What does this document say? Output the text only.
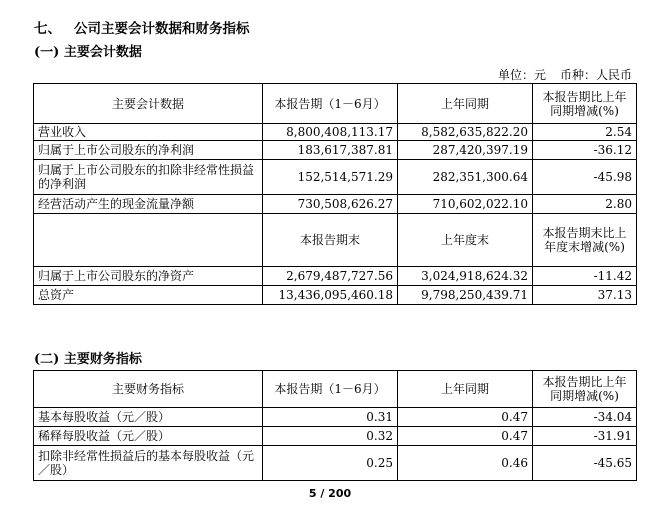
七、 公司主要会计数据和财务指标
(一) 主要会计数据
单位：元 币种：人民币
主要会计数据	本报告期（1－6月）	上年同期	本报告期比上年同期增减(%)
营业收入	8,800,408,113.17	8,582,635,822.20	2.54
归属于上市公司股东的净利润	183,617,387.81	287,420,397.19	-36.12
归属于上市公司股东的扣除非经常性损益的净利润	152,514,571.29	282,351,300.64	-45.98
经营活动产生的现金流量净额	730,508,626.27	710,602,022.10	2.80
	本报告期末	上年度末	本报告期末比上年度末增减(%)
归属于上市公司股东的净资产	2,679,487,727.56	3,024,918,624.32	-11.42
总资产	13,436,095,460.18	9,798,250,439.71	37.13
(二) 主要财务指标
主要财务指标	本报告期（1－6月）	上年同期	本报告期比上年同期增减(%)
基本每股收益（元／股）	0.31	0.47	-34.04
稀释每股收益（元／股）	0.32	0.47	-31.91
扣除非经常性损益后的基本每股收益（元／股）	0.25	0.46	-45.65
5 / 200
